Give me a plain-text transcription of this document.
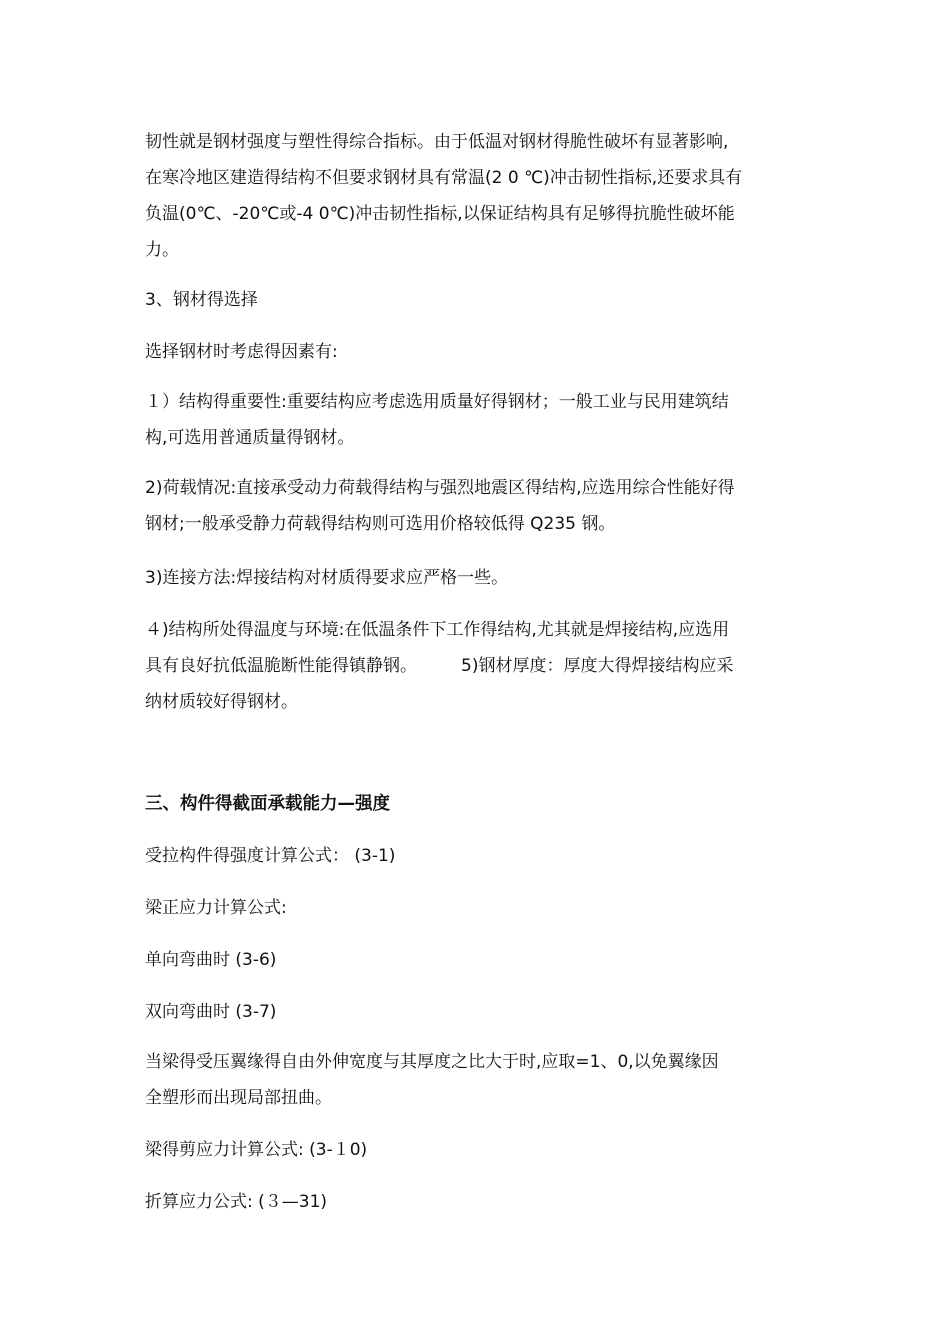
韧性就是钢材强度与塑性得综合指标。由于低温对钢材得脆性破坏有显著影响,
在寒冷地区建造得结构不但要求钢材具有常温(2 0 ℃)冲击韧性指标,还要求具有
负温(0℃、-20℃或-4 0℃)冲击韧性指标,以保证结构具有足够得抗脆性破坏能
力。

3、钢材得选择

选择钢材时考虑得因素有:

１）结构得重要性:重要结构应考虑选用质量好得钢材；一般工业与民用建筑结
构,可选用普通质量得钢材。

2)荷载情况:直接承受动力荷载得结构与强烈地震区得结构,应选用综合性能好得
钢材;一般承受静力荷载得结构则可选用价格较低得 Q235 钢。

3)连接方法:焊接结构对材质得要求应严格一些。

４)结构所处得温度与环境:在低温条件下工作得结构,尤其就是焊接结构,应选用
具有良好抗低温脆断性能得镇静钢。	5)钢材厚度：厚度大得焊接结构应采
纳材质较好得钢材。

三、构件得截面承载能力—强度

受拉构件得强度计算公式： (3-1)

梁正应力计算公式:

单向弯曲时 (3-6)

双向弯曲时 (3-7)

当梁得受压翼缘得自由外伸宽度与其厚度之比大于时,应取=1、0,以免翼缘因
全塑形而出现局部扭曲。

梁得剪应力计算公式: (3-１0)

折算应力公式: (３—31)
